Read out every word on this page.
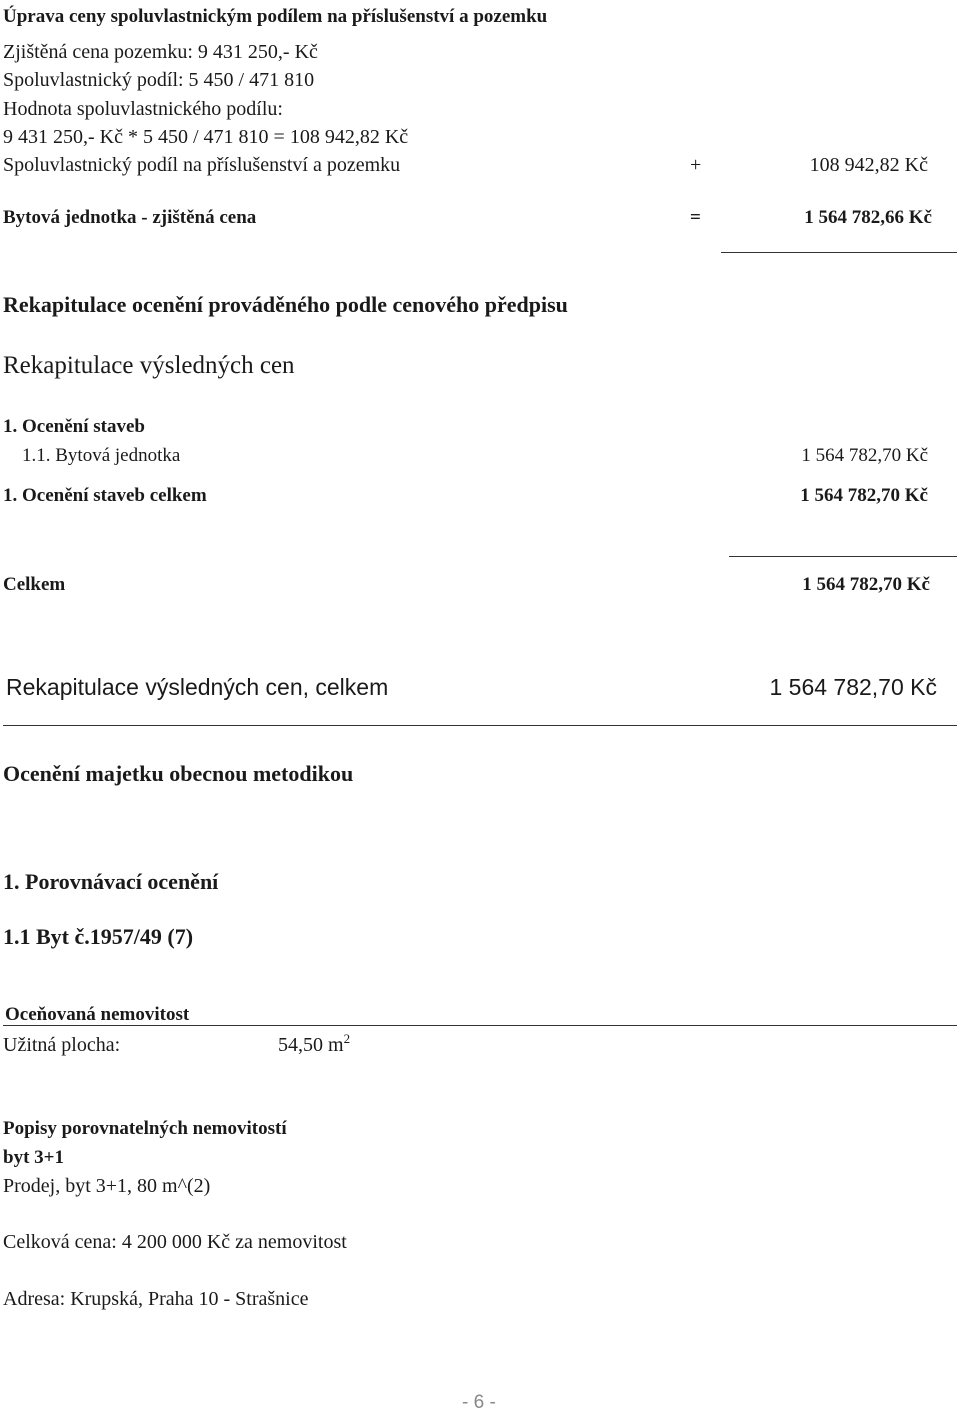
Úprava ceny spoluvlastnickým podílem na příslušenství a pozemku
Zjištěná cena pozemku: 9 431 250,- Kč
Spoluvlastnický podíl: 5 450 / 471 810
Hodnota spoluvlastnického podílu:
9 431 250,- Kč * 5 450 / 471 810 = 108 942,82 Kč
Spoluvlastnický podíl na příslušenství a pozemku	+	108 942,82 Kč
Bytová jednotka - zjištěná cena	=	1 564 782,66 Kč
Rekapitulace ocenění prováděného podle cenového předpisu
Rekapitulace výsledných cen
1. Ocenění staveb
1.1. Bytová jednotka	1 564 782,70 Kč
1. Ocenění staveb celkem	1 564 782,70 Kč
Celkem	1 564 782,70 Kč
Rekapitulace výsledných cen, celkem	1 564 782,70 Kč
Ocenění majetku obecnou metodikou
1. Porovnávací ocenění
1.1 Byt č.1957/49 (7)
Oceňovaná nemovitost
Užitná plocha:	54,50 $m^2$
Popisy porovnatelných nemovitostí
byt 3+1
Prodej, byt 3+1, 80 m^(2)
Celková cena: 4 200 000 Kč za nemovitost
Adresa: Krupská, Praha 10 - Strašnice
- 6 -
